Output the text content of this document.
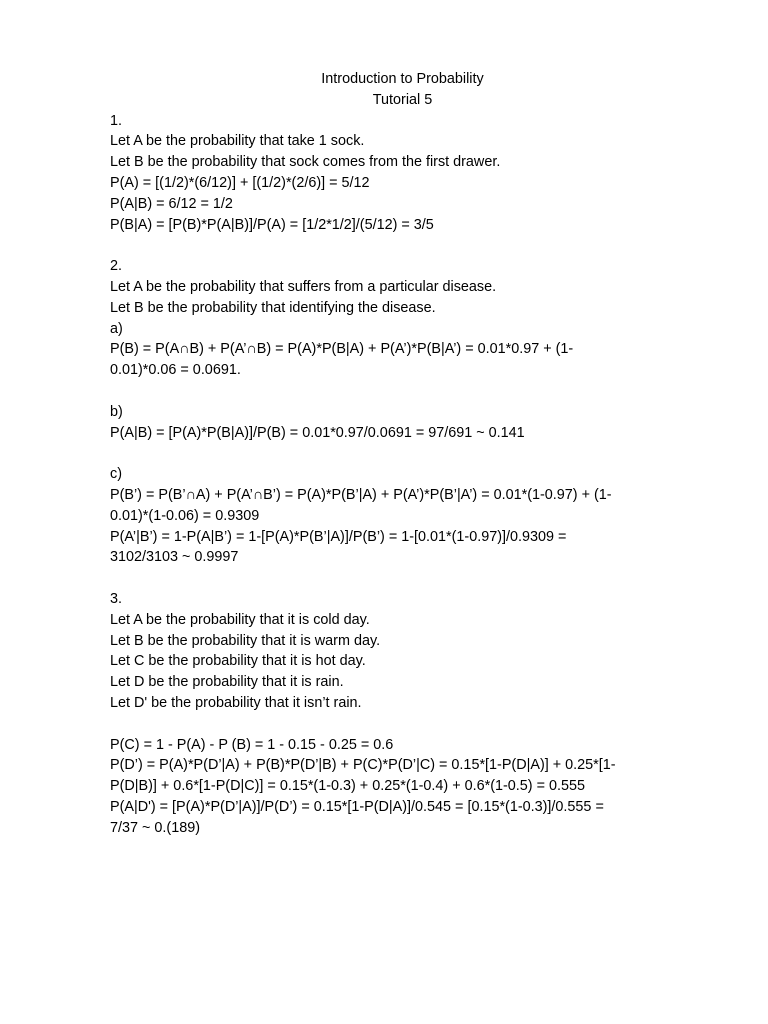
Introduction to Probability
Tutorial 5
1.
Let A be the probability that take 1 sock.
Let B be the probability that sock comes from the first drawer.
P(A) = [(1/2)*(6/12)] + [(1/2)*(2/6)] = 5/12
P(A|B) = 6/12 = 1/2
P(B|A) = [P(B)*P(A|B)]/P(A) = [1/2*1/2]/(5/12) = 3/5
2.
Let A be the probability that suffers from a particular disease.
Let B be the probability that identifying the disease.
a)
P(B) = P(A∩B) + P(A’∩B) = P(A)*P(B|A) + P(A’)*P(B|A’) = 0.01*0.97 + (1-
0.01)*0.06 = 0.0691.
b)
P(A|B) = [P(A)*P(B|A)]/P(B) = 0.01*0.97/0.0691 = 97/691 ~ 0.141
c)
P(B’) = P(B’∩A) + P(A’∩B’) = P(A)*P(B’|A) + P(A’)*P(B’|A’) = 0.01*(1-0.97) + (1-
0.01)*(1-0.06) = 0.9309
P(A’|B’) = 1-P(A|B’) = 1-[P(A)*P(B’|A)]/P(B’) = 1-[0.01*(1-0.97)]/0.9309 =
3102/3103 ~ 0.9997
3.
Let A be the probability that it is cold day.
Let B be the probability that it is warm day.
Let C be the probability that it is hot day.
Let D be the probability that it is rain.
Let D' be the probability that it isn’t rain.
P(C) = 1 - P(A) - P (B) = 1 - 0.15 - 0.25 = 0.6
P(D’) = P(A)*P(D’|A) + P(B)*P(D’|B) + P(C)*P(D’|C) = 0.15*[1-P(D|A)] + 0.25*[1-
P(D|B)] + 0.6*[1-P(D|C)] = 0.15*(1-0.3) + 0.25*(1-0.4) + 0.6*(1-0.5) = 0.555
P(A|D') = [P(A)*P(D’|A)]/P(D’) = 0.15*[1-P(D|A)]/0.545 = [0.15*(1-0.3)]/0.555 =
7/37 ~ 0.(189)
